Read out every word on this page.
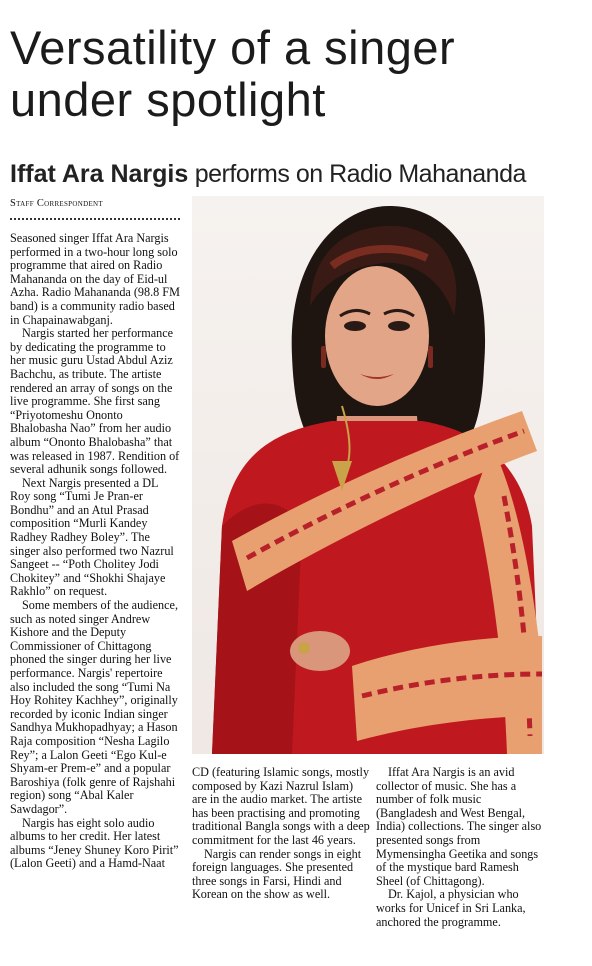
Versatility of a singer
under spotlight
Iffat Ara Nargis performs on Radio Mahananda
Staff Correspondent

Seasoned singer Iffat Ara Nargis performed in a two-hour long solo programme that aired on Radio Mahananda on the day of Eid-ul Azha. Radio Mahananda (98.8 FM band) is a community radio based in Chapainawabganj.

Nargis started her performance by dedicating the programme to her music guru Ustad Abdul Aziz Bachchu, as tribute. The artiste rendered an array of songs on the live programme. She first sang “Priyotomeshu Ononto Bhalobasha Nao” from her audio album “Ononto Bhalobasha” that was released in 1987. Rendition of several adhunik songs followed.

Next Nargis presented a DL Roy song “Tumi Je Pran-er Bondhu” and an Atul Prasad composition “Murli Kandey Radhey Radhey Boley”. The singer also performed two Nazrul Sangeet -- “Poth Cholitey Jodi Chokitey” and “Shokhi Shajaye Rakhlo” on request.

Some members of the audience, such as noted singer Andrew Kishore and the Deputy Commissioner of Chittagong phoned the singer during her live performance. Nargis' repertoire also included the song “Tumi Na Hoy Rohitey Kachhey”, originally recorded by iconic Indian singer Sandhya Mukhopadhyay; a Hason Raja composition “Nesha Lagilo Rey”; a Lalon Geeti “Ego Kul-e Shyam-er Prem-e” and a popular Baroshiya (folk genre of Rajshahi region) song “Abal Kaler Sawdagor”.

Nargis has eight solo audio albums to her credit. Her latest albums “Jeney Shuney Koro Pirit” (Lalon Geeti) and a Hamd-Naat

CD (featuring Islamic songs, mostly composed by Kazi Nazrul Islam) are in the audio market. The artiste has been practising and promoting traditional Bangla songs with a deep commitment for the last 46 years.

Nargis can render songs in eight foreign languages. She presented three songs in Farsi, Hindi and Korean on the show as well.

Iffat Ara Nargis is an avid collector of music. She has a number of folk music (Bangladesh and West Bengal, India) collections. The singer also presented songs from Mymensingha Geetika and songs of the mystique bard Ramesh Sheel (of Chittagong).

Dr. Kajol, a physician who works for Unicef in Sri Lanka, anchored the programme.
